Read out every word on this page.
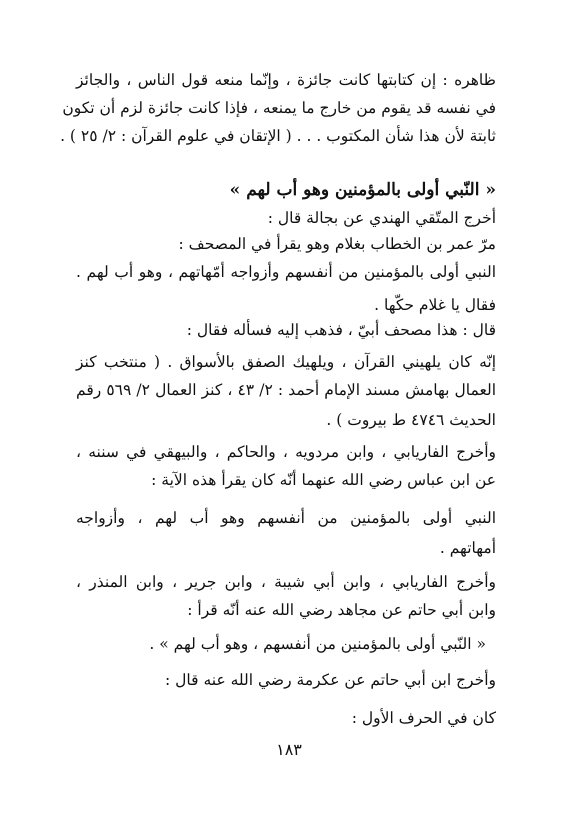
ظاهره : إن كتابتها كانت جائزة ، وإنّما منعه قول الناس ، والجائز
في نفسه قد يقوم من خارج ما يمنعه ، فإذا كانت جائزة لزم أن تكون
ثابتة لأن هذا شأن المكتوب . . . ( الإتقان في علوم القرآن : ٢/ ٢٥ ) .
« النّبي أولى بالمؤمنين وهو أب لهم »
أخرج المتّقي الهندي عن بجالة قال :
مرّ عمر بن الخطاب بغلام وهو يقرأ في المصحف :
النبي أولى بالمؤمنين من أنفسهم وأزواجه أمّهاتهم ، وهو أب لهم .
فقال يا غلام حكّها .
قال : هذا مصحف أبيّ ، فذهب إليه فسأله فقال :
إنّه كان يلهيني القرآن ، ويلهيك الصفق بالأسواق . ( منتخب كنز
العمال بهامش مسند الإمام أحمد : ٢/ ٤٣ ، كنز العمال ٢/ ٥٦٩ رقم
الحديث ٤٧٤٦ ط بيروت ) .
وأخرج الفاريابي ، وابن مردويه ، والحاكم ، والبيهقي في سننه ،
عن ابن عباس رضي الله عنهما أنّه كان يقرأ هذه الآية :
النبي أولى بالمؤمنين من أنفسهم وهو أب لهم ، وأزواجه
أمهاتهم .
وأخرج الفاريابي ، وابن أبي شيبة ، وابن جرير ، وابن المنذر ،
وابن أبي حاتم عن مجاهد رضي الله عنه أنّه قرأ :
« النّبي أولى بالمؤمنين من أنفسهم ، وهو أب لهم » .
وأخرج ابن أبي حاتم عن عكرمة رضي الله عنه قال :
كان في الحرف الأول :
١٨٣
